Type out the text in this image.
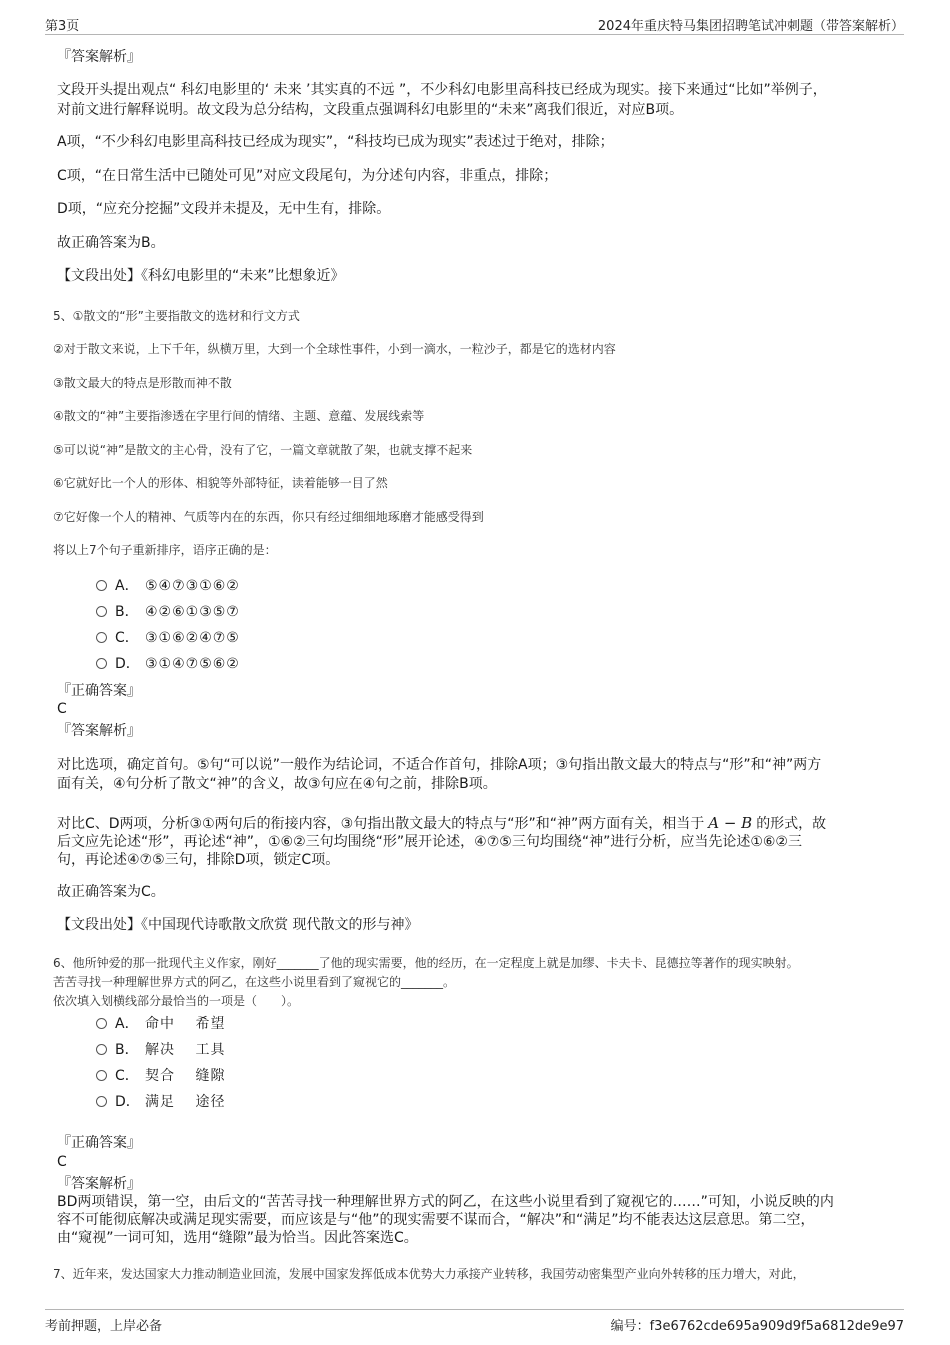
第3页	2024年重庆特马集团招聘笔试冲刺题（带答案解析）
『答案解析』
文段开头提出观点“ 科幻电影里的‘ 未来 ’其实真的不远 ”，不少科幻电影里高科技已经成为现实。接下来通过“比如”举例子，
对前文进行解释说明。故文段为总分结构，文段重点强调科幻电影里的“未来”离我们很近，对应B项。
A项，“不少科幻电影里高科技已经成为现实”，“科技均已成为现实”表述过于绝对，排除；
C项，“在日常生活中已随处可见”对应文段尾句，为分述句内容，非重点，排除；
D项，“应充分挖掘”文段并未提及，无中生有，排除。
故正确答案为B。
【文段出处】《科幻电影里的“未来”比想象近》
5、①散文的“形”主要指散文的选材和行文方式
②对于散文来说，上下千年，纵横万里，大到一个全球性事件，小到一滴水，一粒沙子，都是它的选材内容
③散文最大的特点是形散而神不散
④散文的“神”主要指渗透在字里行间的情绪、主题、意蕴、发展线索等
⑤可以说“神”是散文的主心骨，没有了它，一篇文章就散了架，也就支撑不起来
⑥它就好比一个人的形体、相貌等外部特征，读着能够一目了然
⑦它好像一个人的精神、气质等内在的东西，你只有经过细细地琢磨才能感受得到
将以上7个句子重新排序，语序正确的是：
A． ⑤④⑦③①⑥②
B． ④②⑥①③⑤⑦
C． ③①⑥②④⑦⑤
D． ③①④⑦⑤⑥②
『正确答案』
C
『答案解析』
对比选项，确定首句。⑤句“可以说”一般作为结论词，不适合作首句，排除A项；③句指出散文最大的特点与“形”和“神”两方
面有关，④句分析了散文“神”的含义，故③句应在④句之前，排除B项。
对比C、D两项，分析③①两句后的衔接内容，③句指出散文最大的特点与“形”和“神”两方面有关，相当于 A − B 的形式，故
后文应先论述“形”，再论述“神”，①⑥②三句均围绕“形”展开论述，④⑦⑤三句均围绕“神”进行分析，应当先论述①⑥②三
句，再论述④⑦⑤三句，排除D项，锁定C项。
故正确答案为C。
【文段出处】《中国现代诗歌散文欣赏 现代散文的形与神》
6、他所钟爱的那一批现代主义作家，刚好_______了他的现实需要，他的经历，在一定程度上就是加缪、卡夫卡、昆德拉等著作的现实映射。
苦苦寻找一种理解世界方式的阿乙，在这些小说里看到了窥视它的_______。
依次填入划横线部分最恰当的一项是（　　）。
A． 命中　 希望
B． 解决　 工具
C． 契合　 缝隙
D． 满足　 途径
『正确答案』
C
『答案解析』
BD两项错误，第一空，由后文的“苦苦寻找一种理解世界方式的阿乙，在这些小说里看到了窥视它的……”可知，小说反映的内
容不可能彻底解决或满足现实需要，而应该是与“他”的现实需要不谋而合，“解决”和“满足”均不能表达这层意思。第二空，
由“窥视”一词可知，选用“缝隙”最为恰当。因此答案选C。
7、近年来，发达国家大力推动制造业回流，发展中国家发挥低成本优势大力承接产业转移，我国劳动密集型产业向外转移的压力增大，对此，
考前押题，上岸必备	编号：f3e6762cde695a909d9f5a6812de9e97
